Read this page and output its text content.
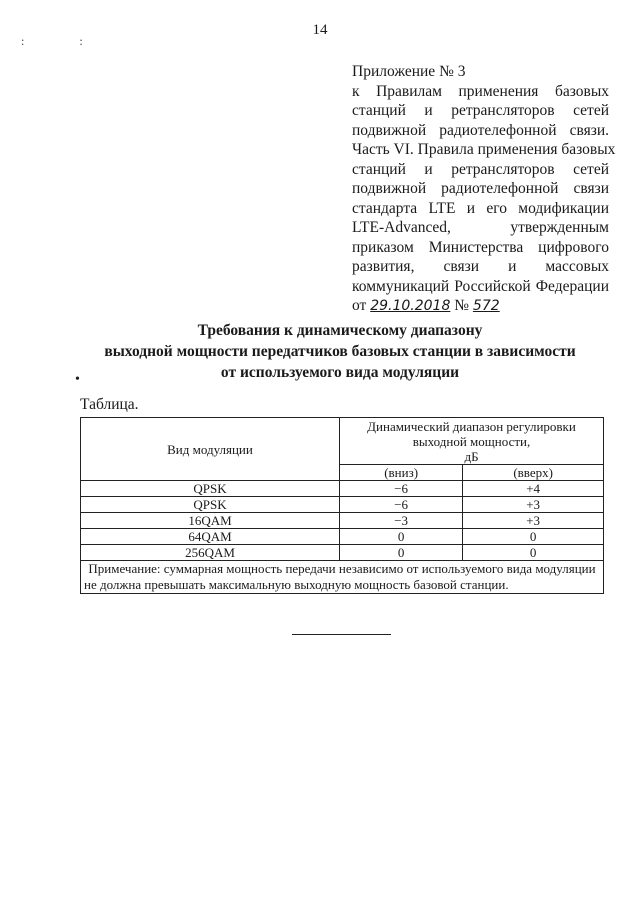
14
: :
Приложение № 3
к Правилам применения базовых
станций и ретрансляторов сетей
подвижной радиотелефонной связи.
Часть VI. Правила применения базовых
станций и ретрансляторов сетей
подвижной радиотелефонной связи
стандарта LTE и его модификации
LTE-Advanced, утвержденным
приказом Министерства цифрового
развития, связи и массовых
коммуникаций Российской Федерации
от 29.10.2018 № 572
Требования к динамическому диапазону
выходной мощности передатчиков базовых станции в зависимости
от используемого вида модуляции
•
Таблица.
Вид модуляции	Динамический диапазон регулировки
выходной мощности,
дБ	

	(вниз)	(вверх)
QPSK	−6	+4
QPSK	−6	+3
16QAM	−3	+3
64QAM	0	0
256QAM	0	0
Примечание: суммарная мощность передачи независимо от используемого вида модуляции не должна превышать максимальную выходную мощность базовой станции.		
